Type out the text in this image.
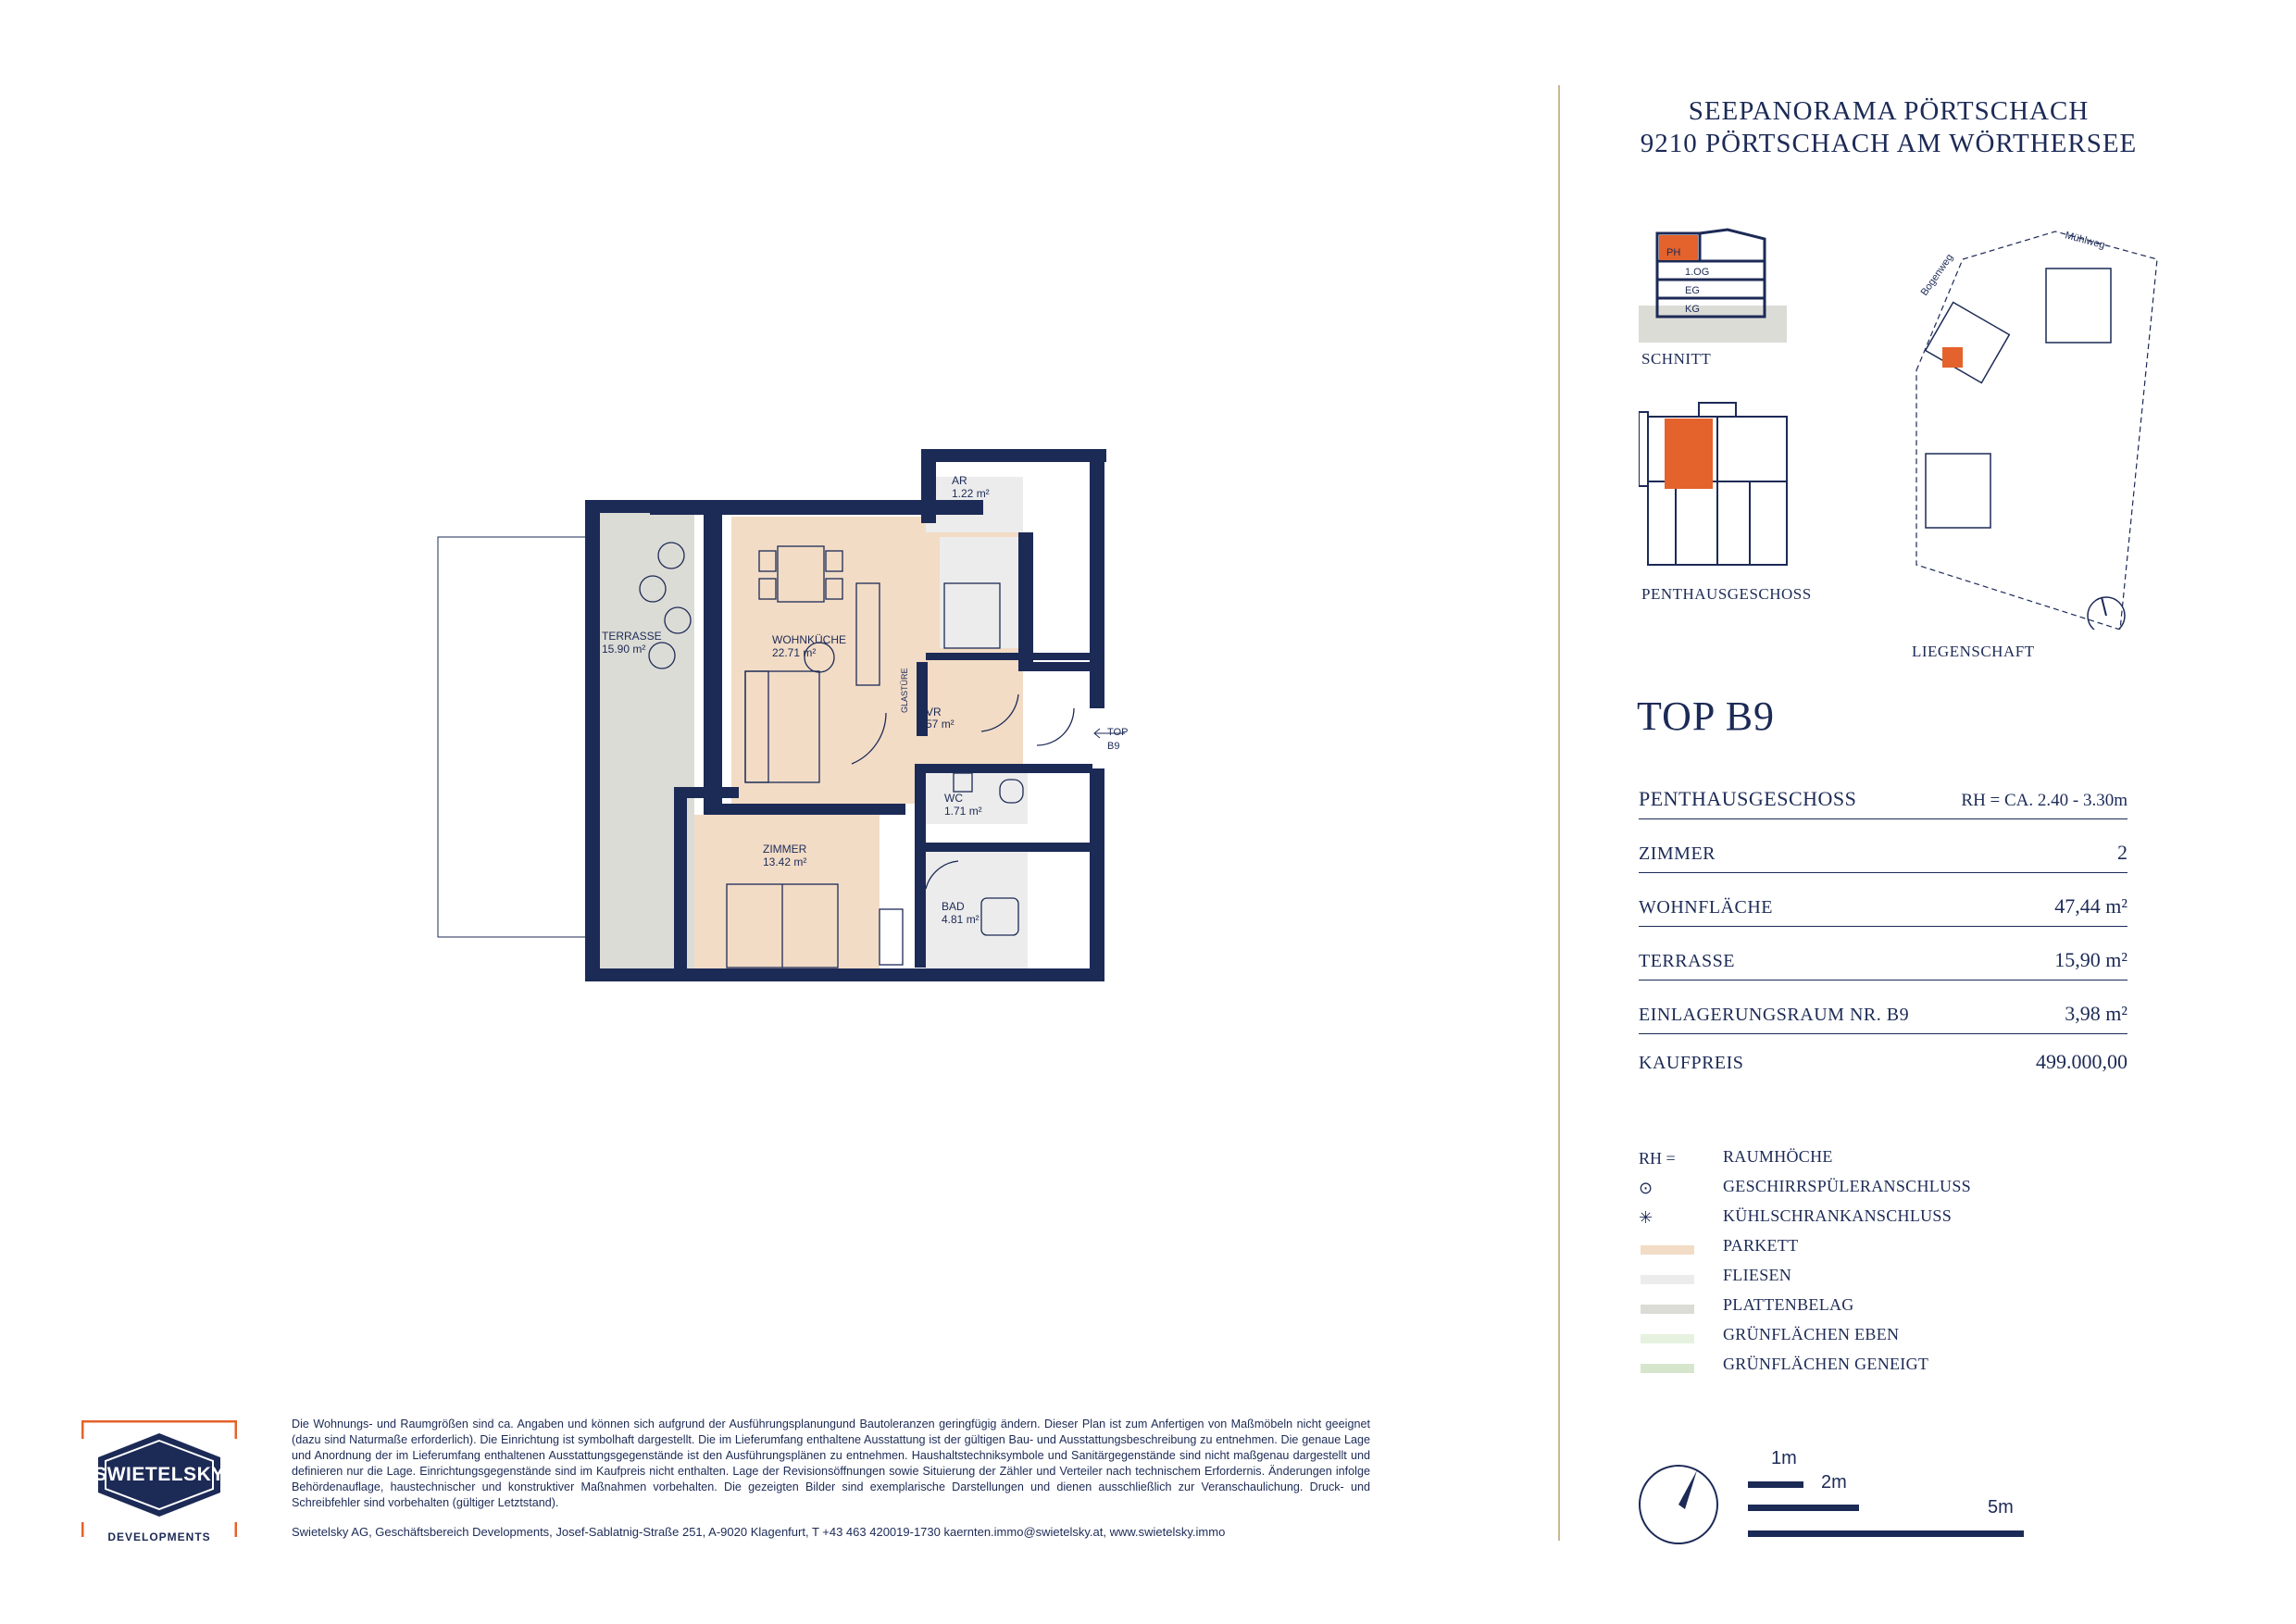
AR
1.22 m²
WOHNKÜCHE
22.71 m²
TERRASSE
15.90 m²
VR
3.57 m²
WC
1.71 m²
ZIMMER
13.42 m²
BAD
4.81 m²
TOP B9
GLASTÜRE
SEEPANORAMA PÖRTSCHACH
9210 PÖRTSCHACH AM WÖRTHERSEE
PH
1.OG
EG
KG
SCHNITT
PENTHAUSGESCHOSS
Bogenweg
Mühlweg
LIEGENSCHAFT
TOP B9
PENTHAUSGESCHOSS	RH = CA. 2.40 - 3.30m
ZIMMER	2
WOHNFLÄCHE	47,44 m²
TERRASSE	15,90 m²
EINLAGERUNGSRAUM NR. B9	3,98 m²
KAUFPREIS	499.000,00
RH =	RAUMHÖCHE
⊙	GESCHIRRSPÜLERANSCHLUSS
✳	KÜHLSCHRANKANSCHLUSS
PARKETT
FLIESEN
PLATTENBELAG
GRÜNFLÄCHEN EBEN
GRÜNFLÄCHEN GENEIGT
1m
2m
5m
SWIETELSKY
DEVELOPMENTS
Die Wohnungs- und Raumgrößen sind ca. Angaben und können sich aufgrund der Ausführungsplanungund Bautoleranzen geringfügig ändern. Dieser Plan ist zum Anfertigen von Maßmöbeln nicht geeignet (dazu sind Naturmaße erforderlich). Die Einrichtung ist symbolhaft dargestellt. Die im Lieferumfang enthaltene Ausstattung ist der gültigen Bau- und Ausstattungsbeschreibung zu entnehmen. Die genaue Lage und Anordnung der im Lieferumfang enthaltenen Ausstattungsgegenstände ist den Ausführungsplänen zu entnehmen. Haushaltstechniksymbole und Sanitärgegenstände sind nicht maßgenau dargestellt und definieren nur die Lage. Einrichtungsgegenstände sind im Kaufpreis nicht enthalten. Lage der Revisionsöffnungen sowie Situierung der Zähler und Verteiler nach technischem Erfordernis. Änderungen infolge Behördenauflage, haustechnischer und konstruktiver Maßnahmen vorbehalten. Die gezeigten Bilder sind exemplarische Darstellungen und dienen ausschließlich zur Veranschaulichung. Druck- und Schreibfehler sind vorbehalten (gültiger Letztstand).
Swietelsky AG, Geschäftsbereich Developments, Josef-Sablatnig-Straße 251, A-9020 Klagenfurt, T +43 463 420019-1730 kaernten.immo@swietelsky.at, www.swietelsky.immo
